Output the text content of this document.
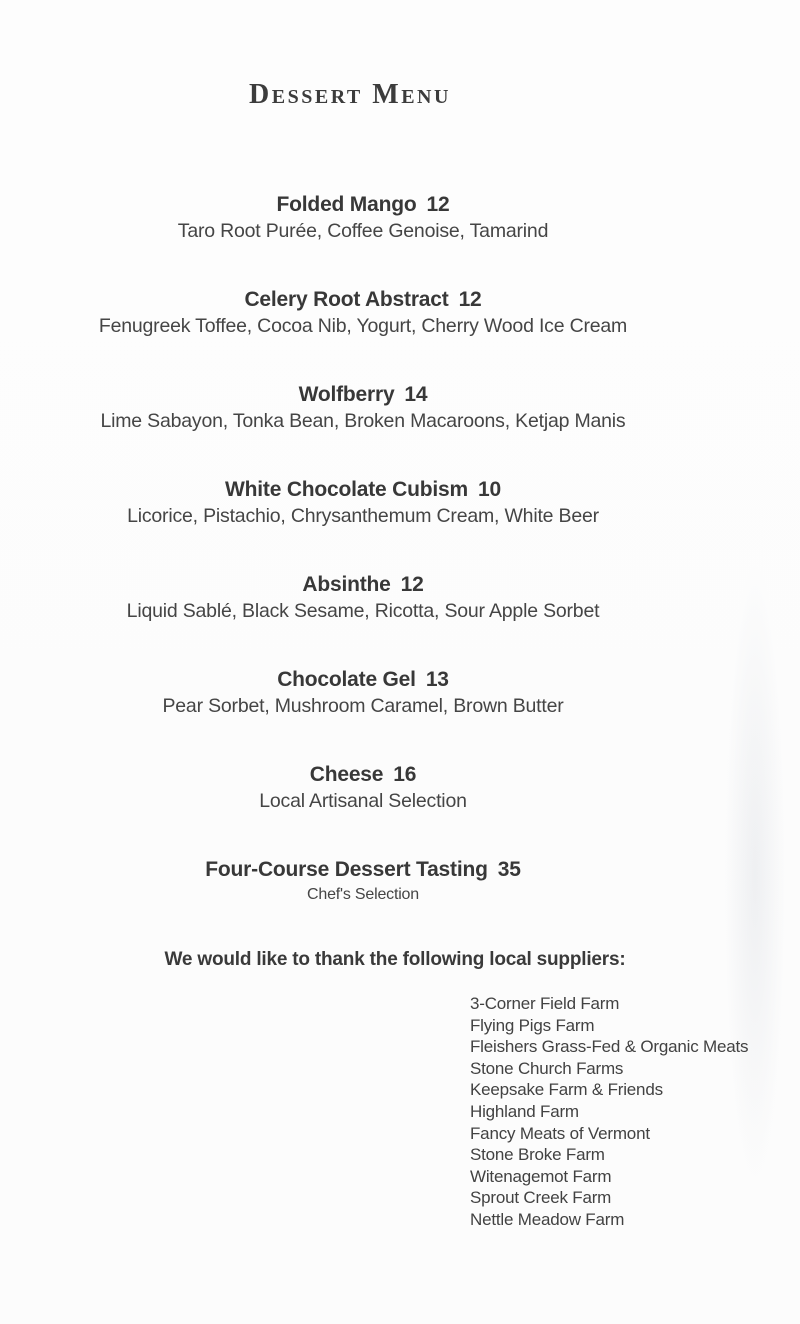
Dessert Menu
Folded Mango 12
Taro Root Purée, Coffee Genoise, Tamarind
Celery Root Abstract 12
Fenugreek Toffee, Cocoa Nib, Yogurt, Cherry Wood Ice Cream
Wolfberry 14
Lime Sabayon, Tonka Bean, Broken Macaroons, Ketjap Manis
White Chocolate Cubism 10
Licorice, Pistachio, Chrysanthemum Cream, White Beer
Absinthe 12
Liquid Sablé, Black Sesame, Ricotta, Sour Apple Sorbet
Chocolate Gel 13
Pear Sorbet, Mushroom Caramel, Brown Butter
Cheese 16
Local Artisanal Selection
Four-Course Dessert Tasting 35
Chef's Selection
We would like to thank the following local suppliers:
3-Corner Field Farm
Flying Pigs Farm
Fleishers Grass-Fed & Organic Meats
Stone Church Farms
Keepsake Farm & Friends
Highland Farm
Fancy Meats of Vermont
Stone Broke Farm
Witenagemot Farm
Sprout Creek Farm
Nettle Meadow Farm
